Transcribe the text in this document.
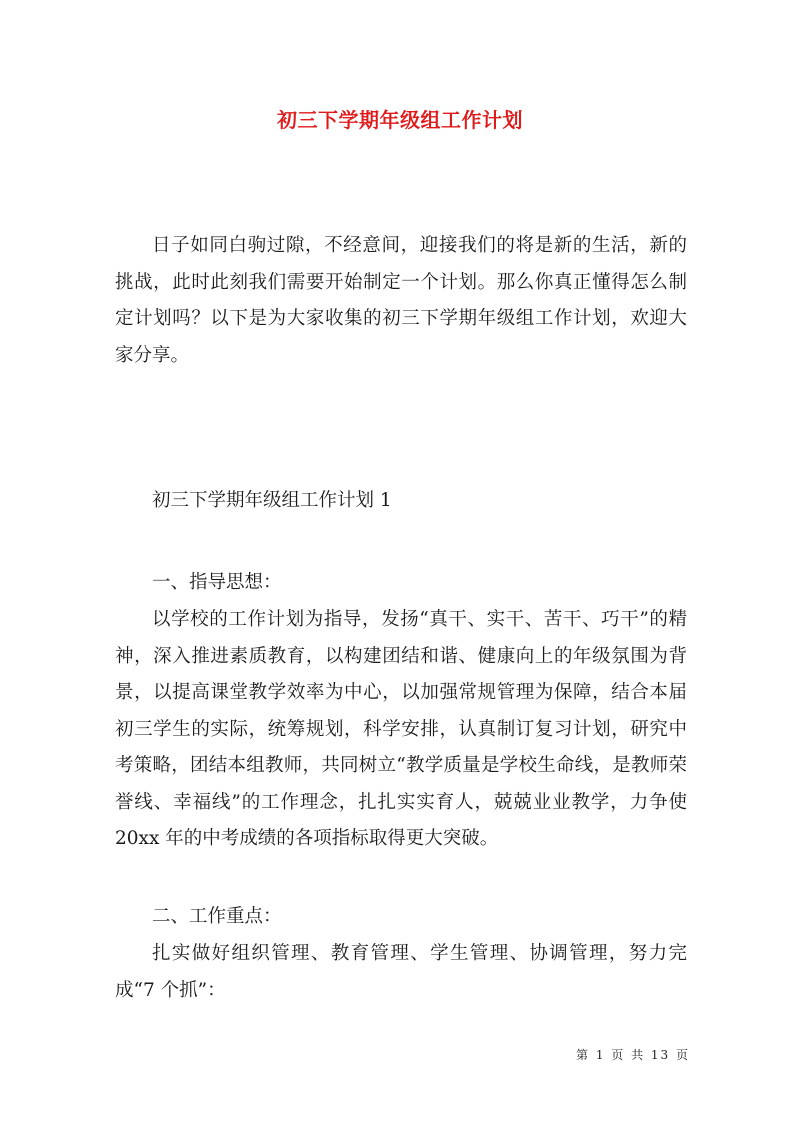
初三下学期年级组工作计划
日子如同白驹过隙，不经意间，迎接我们的将是新的生活，新的挑战，此时此刻我们需要开始制定一个计划。那么你真正懂得怎么制定计划吗？以下是为大家收集的初三下学期年级组工作计划，欢迎大家分享。
初三下学期年级组工作计划 1
一、指导思想：
以学校的工作计划为指导，发扬“真干、实干、苦干、巧干”的精神，深入推进素质教育，以构建团结和谐、健康向上的年级氛围为背景，以提高课堂教学效率为中心，以加强常规管理为保障，结合本届初三学生的实际，统筹规划，科学安排，认真制订复习计划，研究中考策略，团结本组教师，共同树立“教学质量是学校生命线，是教师荣誉线、幸福线”的工作理念，扎扎实实育人，兢兢业业教学，力争使 20xx 年的中考成绩的各项指标取得更大突破。
二、工作重点：
扎实做好组织管理、教育管理、学生管理、协调管理，努力完成“7 个抓”：
第 1 页 共 13 页
